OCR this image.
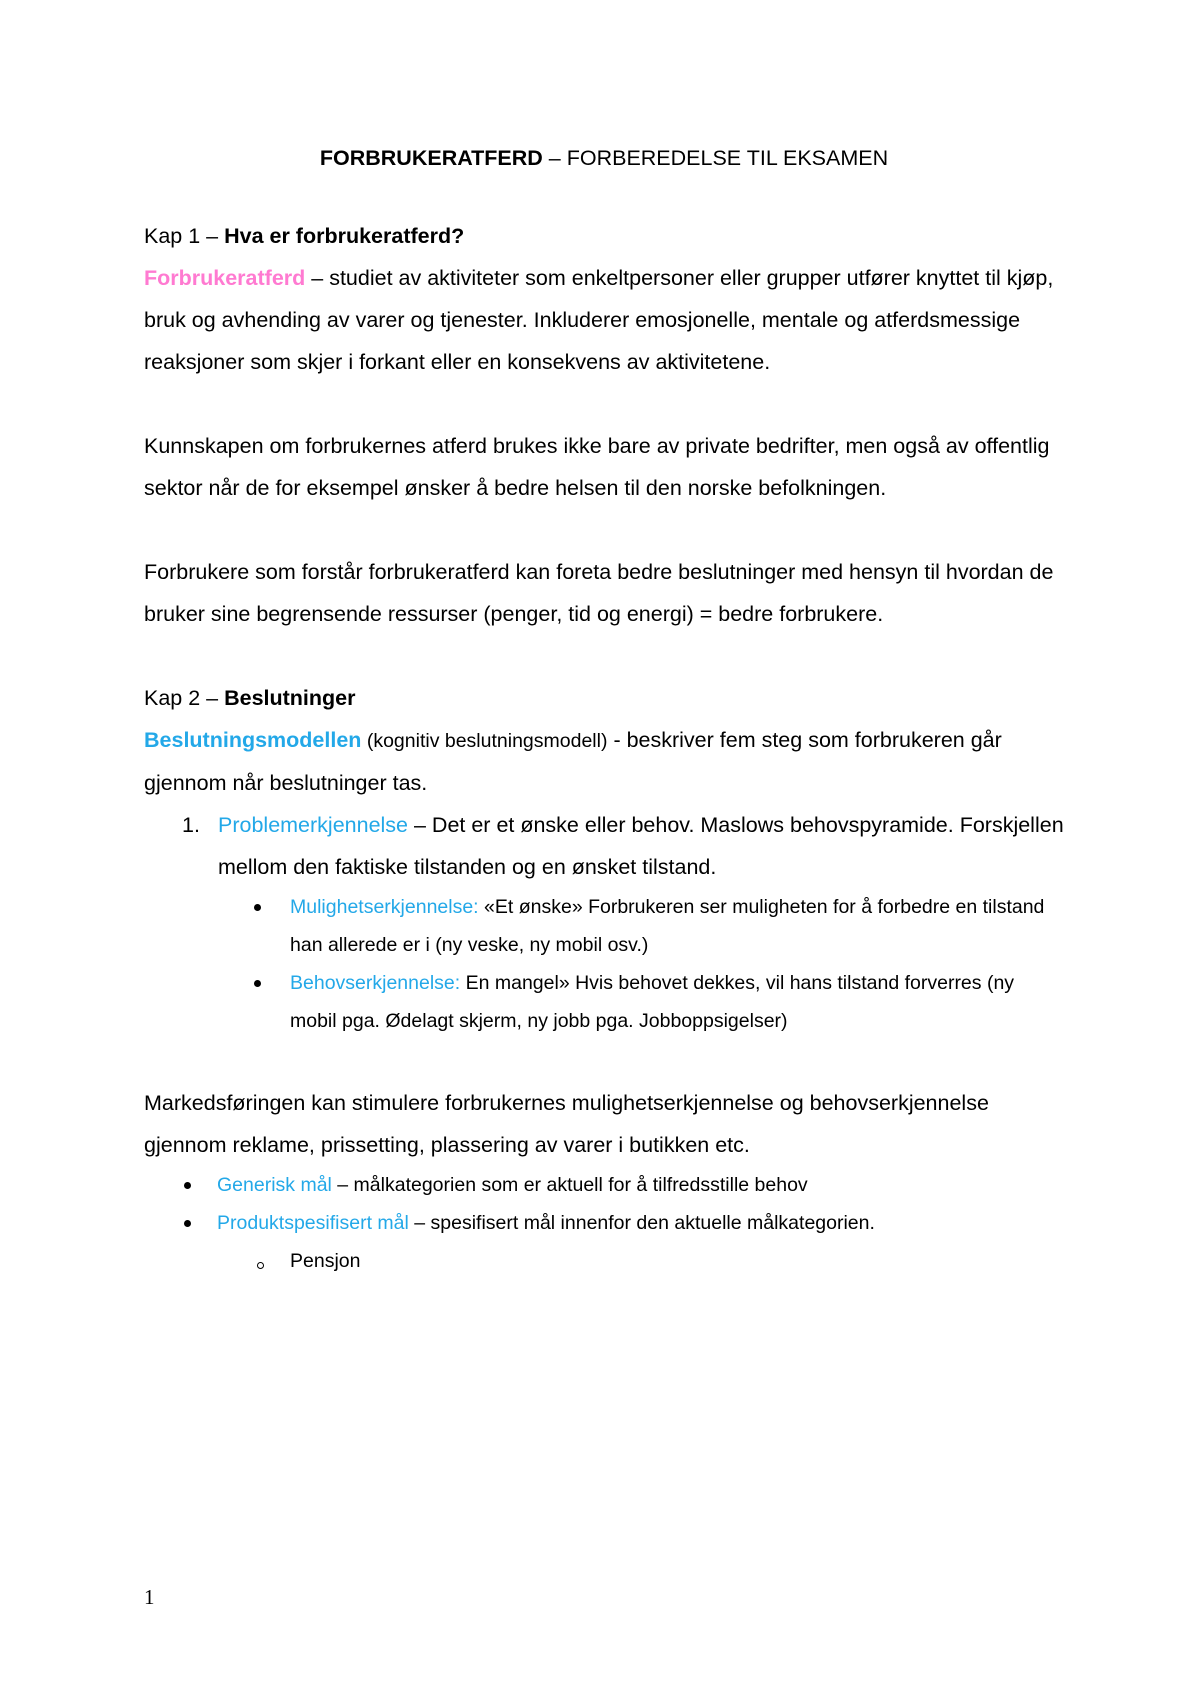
FORBRUKERATFERD – FORBEREDELSE TIL EKSAMEN
Kap 1 – Hva er forbrukeratferd?

Forbrukeratferd – studiet av aktiviteter som enkeltpersoner eller grupper utfører knyttet til kjøp, bruk og avhending av varer og tjenester. Inkluderer emosjonelle, mentale og atferdsmessige reaksjoner som skjer i forkant eller en konsekvens av aktivitetene.

Kunnskapen om forbrukernes atferd brukes ikke bare av private bedrifter, men også av offentlig sektor når de for eksempel ønsker å bedre helsen til den norske befolkningen.

Forbrukere som forstår forbrukeratferd kan foreta bedre beslutninger med hensyn til hvordan de bruker sine begrensende ressurser (penger, tid og energi) = bedre forbrukere.

Kap 2 – Beslutninger

Beslutningsmodellen (kognitiv beslutningsmodell) - beskriver fem steg som forbrukeren går gjennom når beslutninger tas.

1. Problemerkjennelse – Det er et ønske eller behov. Maslows behovspyramide. Forskjellen mellom den faktiske tilstanden og en ønsket tilstand.
Mulighetserkjennelse: «Et ønske» Forbrukeren ser muligheten for å forbedre en tilstand han allerede er i (ny veske, ny mobil osv.)
Behovserkjennelse: En mangel» Hvis behovet dekkes, vil hans tilstand forverres (ny mobil pga. Ødelagt skjerm, ny jobb pga. Jobboppsigelser)

Markedsføringen kan stimulere forbrukernes mulighetserkjennelse og behovserkjennelse gjennom reklame, prissetting, plassering av varer i butikken etc.

Generisk mål – målkategorien som er aktuell for å tilfredsstille behov
Produktspesifisert mål – spesifisert mål innenfor den aktuelle målkategorien.
Pensjon
1
